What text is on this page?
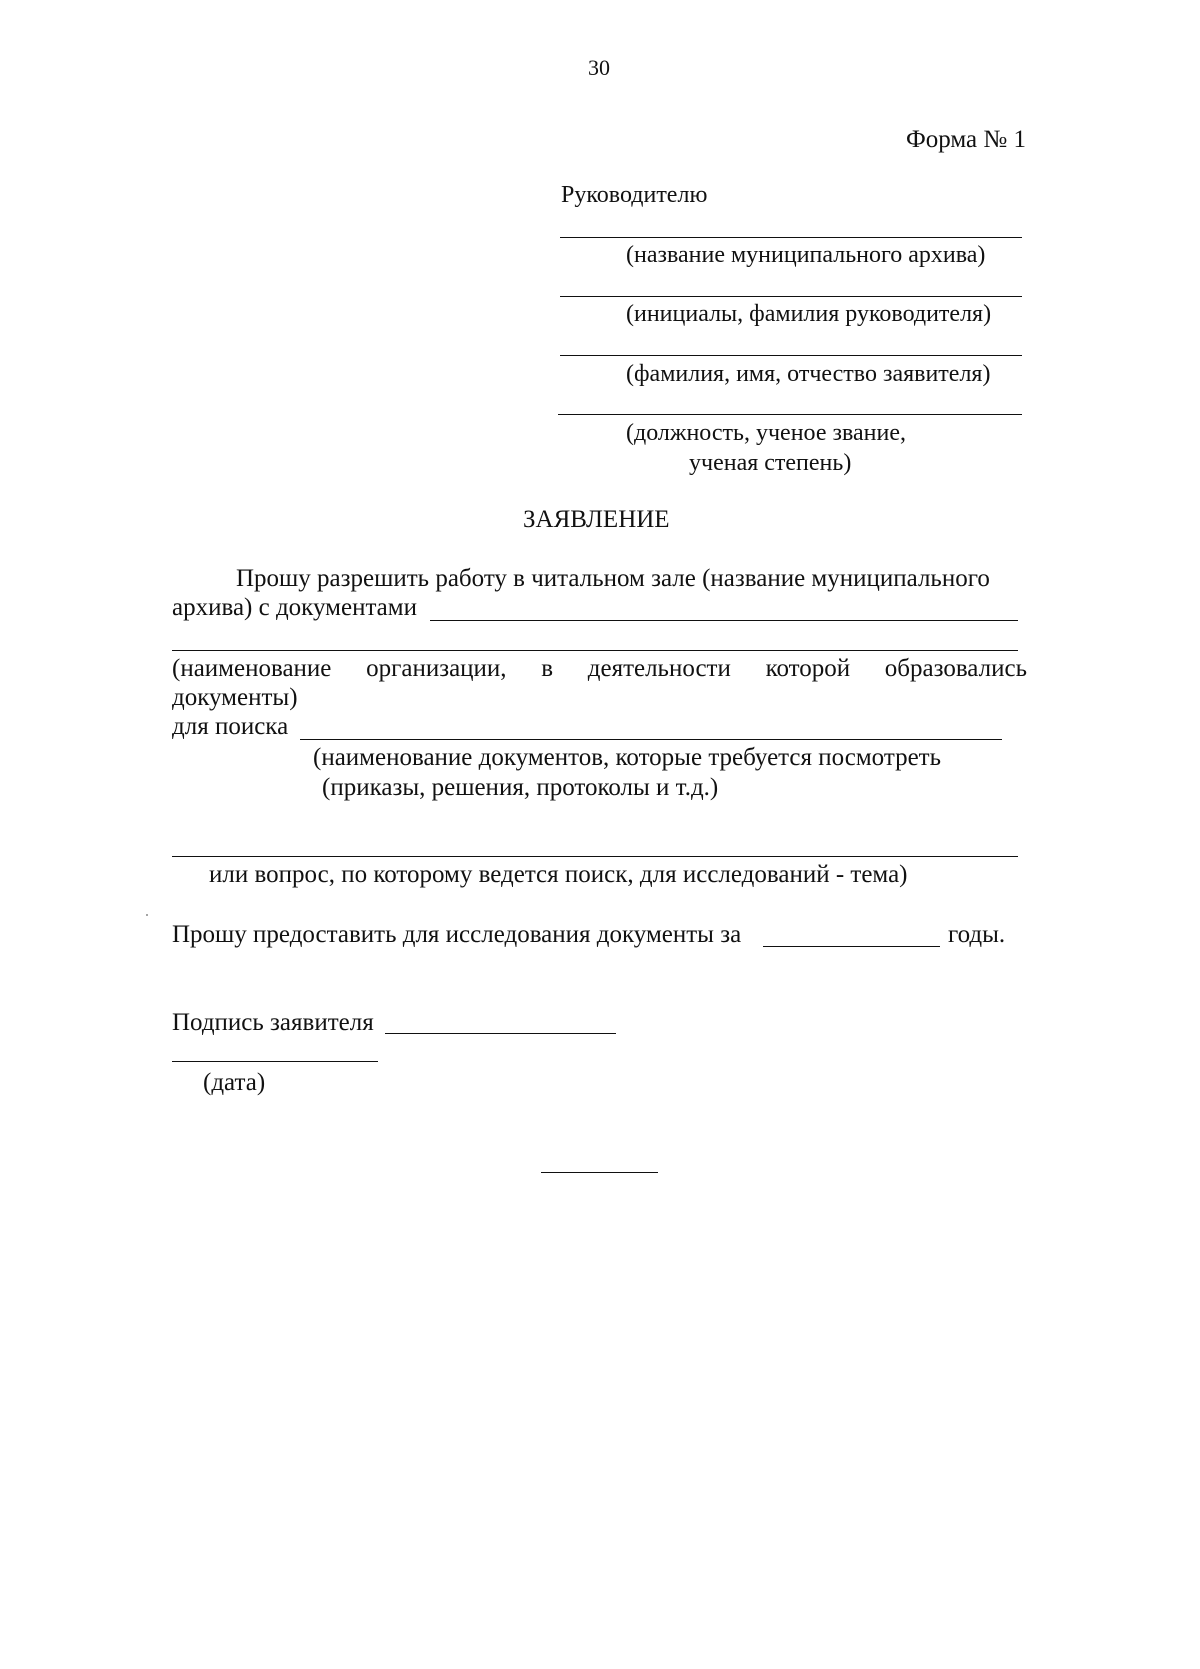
30
Форма № 1
Руководителю
(название муниципального архива)
(инициалы, фамилия руководителя)
(фамилия, имя, отчество заявителя)
(должность, ученое звание,
ученая степень)
ЗАЯВЛЕНИЕ
Прошу разрешить работу в читальном зале (название муниципального
архива) с документами
(наименование организации, в деятельности которой образовались
документы)
для поиска
(наименование документов, которые требуется посмотреть
(приказы, решения, протоколы и т.д.)
или вопрос, по которому ведется поиск, для исследований - тема)
Прошу предоставить для исследования документы за	годы.
Подпись заявителя
(дата)
